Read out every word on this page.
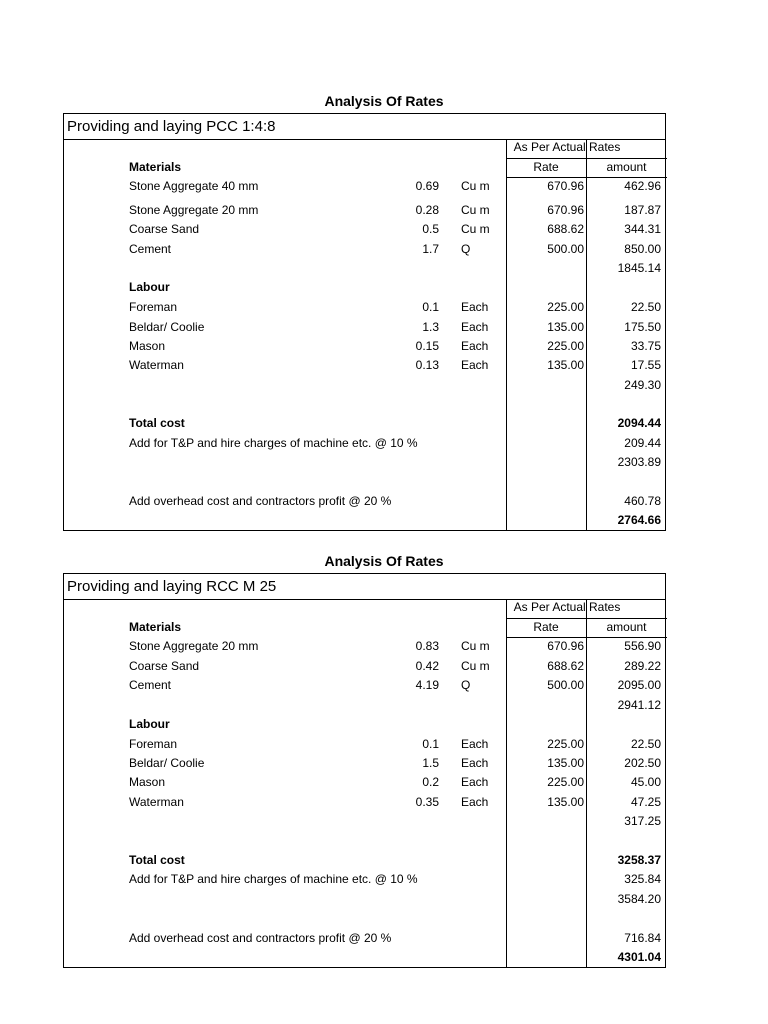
Analysis Of Rates
Providing and laying PCC 1:4:8
As Per Actual Rates
Rate	amount
Materials
Stone Aggregate 40 mm	0.69 Cu m	670.96	462.96
Stone Aggregate 20 mm	0.28 Cu m	670.96	187.87
Coarse Sand	0.5 Cu m	688.62	344.31
Cement	1.7 Q	500.00	850.00
1845.14
Labour
Foreman	0.1 Each	225.00	22.50
Beldar/ Coolie	1.3 Each	135.00	175.50
Mason	0.15 Each	225.00	33.75
Waterman	0.13 Each	135.00	17.55
249.30
Total cost	2094.44
Add for T&P and hire charges of machine etc. @ 10 %	209.44
2303.89
Add overhead cost and contractors profit @ 20 %	460.78
2764.66
Analysis Of Rates
Providing and laying RCC M 25
As Per Actual Rates
Rate	amount
Materials
Stone Aggregate 20 mm	0.83 Cu m	670.96	556.90
Coarse Sand	0.42 Cu m	688.62	289.22
Cement	4.19 Q	500.00	2095.00
2941.12
Labour
Foreman	0.1 Each	225.00	22.50
Beldar/ Coolie	1.5 Each	135.00	202.50
Mason	0.2 Each	225.00	45.00
Waterman	0.35 Each	135.00	47.25
317.25
Total cost	3258.37
Add for T&P and hire charges of machine etc. @ 10 %	325.84
3584.20
Add overhead cost and contractors profit @ 20 %	716.84
4301.04
